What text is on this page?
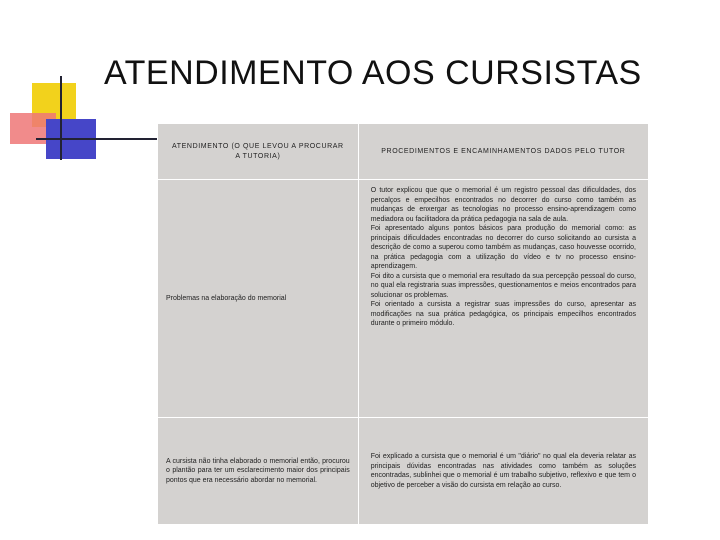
ATENDIMENTO AOS CURSISTAS
ATENDIMENTO (O QUE LEVOU A PROCURAR A TUTORIA)	PROCEDIMENTOS E ENCAMINHAMENTOS DADOS PELO TUTOR
Problemas na elaboração do memorial	O tutor explicou que que o memorial é um registro pessoal das dificuldades, dos percalços e empecilhos encontrados no decorrer do curso como também as mudanças de enxergar as tecnologias no processo ensino-aprendizagem como mediadora ou facilitadora da prática pedagogia na sala de aula.
Foi apresentado alguns pontos básicos para produção do memorial como: as principais dificuldades encontradas no decorrer do curso solicitando ao cursista a descrição de como a superou como também as mudanças, caso houvesse ocorrido, na prática pedagogia com a utilização do vídeo e tv no processo ensino-aprendizagem.
Foi dito a cursista que o memorial era resultado da sua percepção pessoal do curso, no qual ela registraria suas impressões, questionamentos e meios encontrados para solucionar os problemas.
Foi orientado a cursista a registrar suas impressões do curso, apresentar as modificações na sua prática pedagógica, os principais empecilhos encontrados durante o primeiro módulo.

A cursista não tinha elaborado o memorial então, procurou o plantão para ter um esclarecimento maior dos principais pontos que era necessário abordar no memorial.	Foi explicado a cursista que o memorial é um "diário" no qual ela deveria relatar as principais dúvidas encontradas nas atividades como também as soluções encontradas, sublinhei que o memorial é um trabalho subjetivo, reflexivo e que tem o objetivo de perceber a visão do cursista em relação ao curso.
